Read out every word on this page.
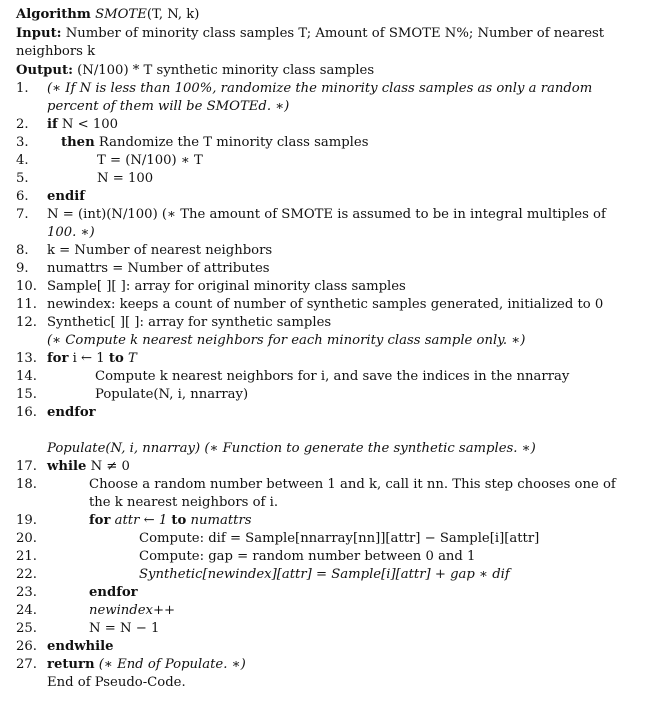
Algorithm SMOTE(T, N, k)
Input: Number of minority class samples T; Amount of SMOTE N%; Number of nearest neighbors k
Output: (N/100) * T synthetic minority class samples
1. (∗ If N is less than 100%, randomize the minority class samples as only a random
percent of them will be SMOTEd. ∗)
2. if N < 100
3. then Randomize the T minority class samples
4.	T = (N/100) ∗ T
5.	N = 100
6. endif
7. N = (int)(N/100) (∗ The amount of SMOTE is assumed to be in integral multiples of
100. ∗)
8. k = Number of nearest neighbors
9. numattrs = Number of attributes
10. Sample[ ][ ]: array for original minority class samples
11. newindex: keeps a count of number of synthetic samples generated, initialized to 0
12. Synthetic[ ][ ]: array for synthetic samples
(∗ Compute k nearest neighbors for each minority class sample only. ∗)
13. for i ← 1 to T
14.	Compute k nearest neighbors for i, and save the indices in the nnarray
15.	Populate(N, i, nnarray)
16. endfor
Populate(N, i, nnarray) (∗ Function to generate the synthetic samples. ∗)
17. while N ≠ 0
18.	Choose a random number between 1 and k, call it nn. This step chooses one of
the k nearest neighbors of i.
19.	for attr ← 1 to numattrs
20.	Compute: dif = Sample[nnarray[nn]][attr] − Sample[i][attr]
21.	Compute: gap = random number between 0 and 1
22.	Synthetic[newindex][attr] = Sample[i][attr] + gap ∗ dif
23.	endfor
24.	newindex++
25.	N = N − 1
26. endwhile
27. return (∗ End of Populate. ∗)
End of Pseudo-Code.
